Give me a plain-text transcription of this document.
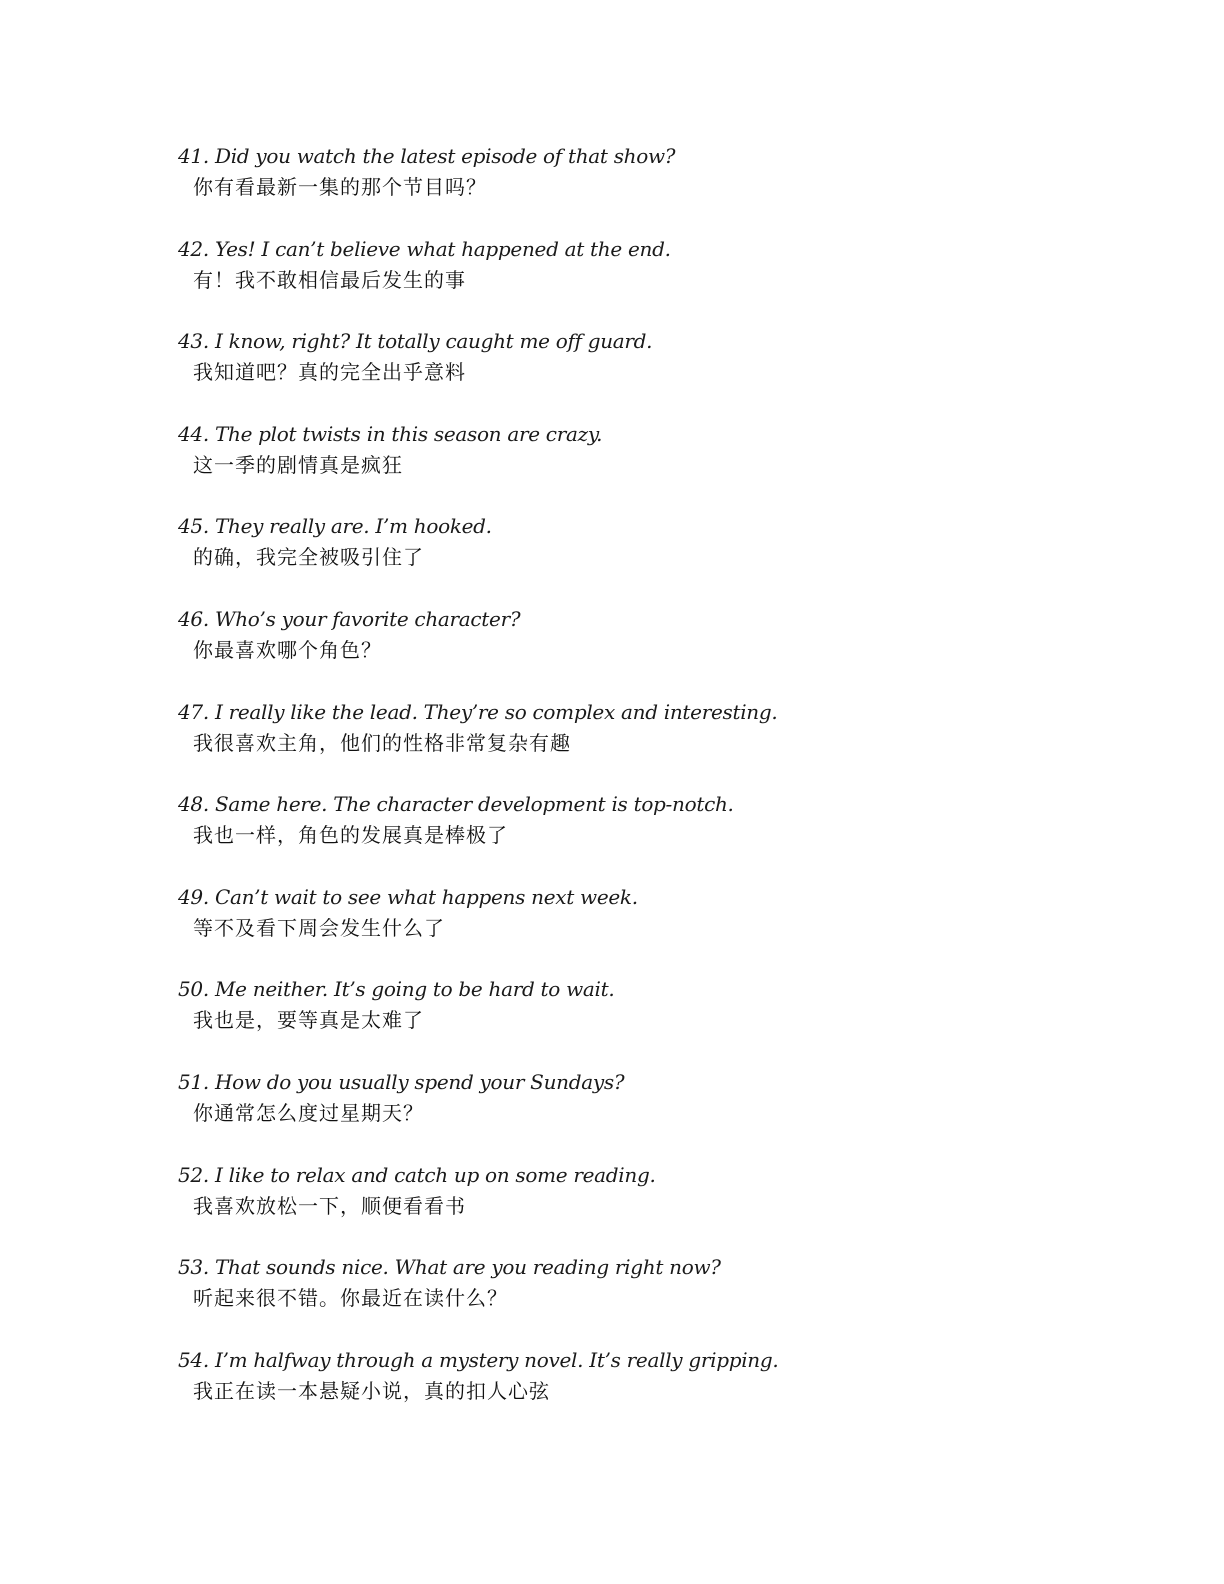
41. Did you watch the latest episode of that show?
你有看最新一集的那个节目吗？
42. Yes! I can’t believe what happened at the end.
有！我不敢相信最后发生的事
43. I know, right? It totally caught me off guard.
我知道吧？真的完全出乎意料
44. The plot twists in this season are crazy.
这一季的剧情真是疯狂
45. They really are. I’m hooked.
的确，我完全被吸引住了
46. Who’s your favorite character?
你最喜欢哪个角色？
47. I really like the lead. They’re so complex and interesting.
我很喜欢主角，他们的性格非常复杂有趣
48. Same here. The character development is top-notch.
我也一样，角色的发展真是棒极了
49. Can’t wait to see what happens next week.
等不及看下周会发生什么了
50. Me neither. It’s going to be hard to wait.
我也是，要等真是太难了
51. How do you usually spend your Sundays?
你通常怎么度过星期天？
52. I like to relax and catch up on some reading.
我喜欢放松一下，顺便看看书
53. That sounds nice. What are you reading right now?
听起来很不错。你最近在读什么？
54. I’m halfway through a mystery novel. It’s really gripping.
我正在读一本悬疑小说，真的扣人心弦
